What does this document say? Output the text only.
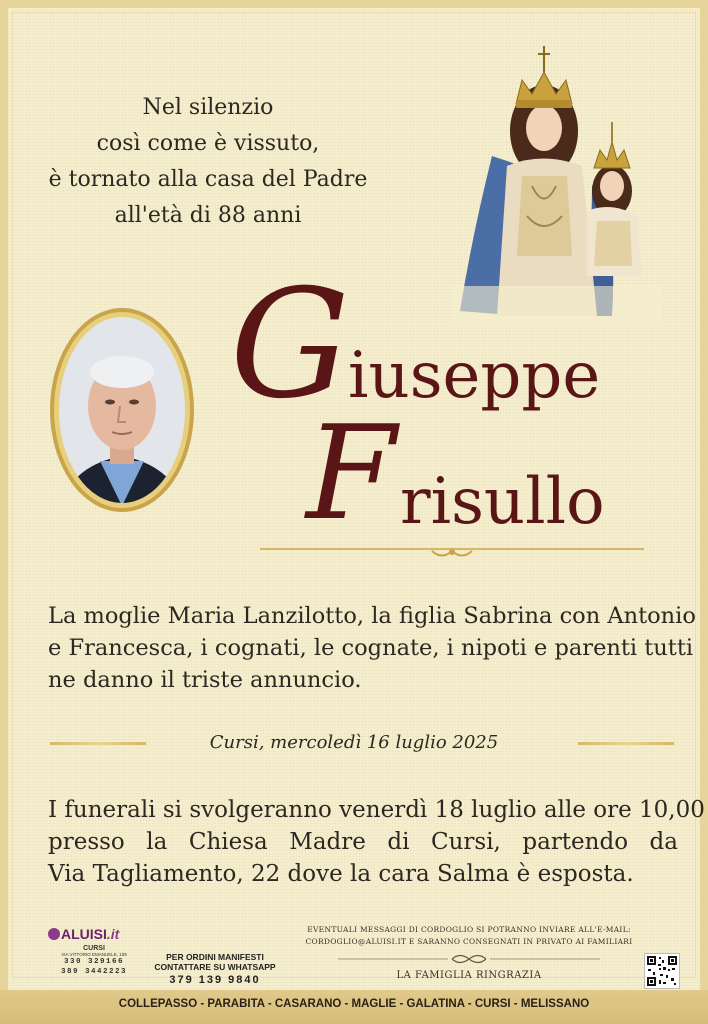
Nel silenzio
così come è vissuto,
è tornato alla casa del Padre
all'età di 88 anni
G
iuseppe
F risullo
La moglie Maria Lanzilotto, la figlia Sabrina con Antonio
e Francesca, i cognati, le cognate, i nipoti e parenti tutti
ne danno il triste annuncio.
Cursi, mercoledì 16 luglio 2025
I funerali si svolgeranno venerdì 18 luglio alle ore 10,00
presso la Chiesa Madre di Cursi, partendo da
Via Tagliamento, 22 dove la cara Salma è esposta.
ALUISI.it
CURSI
VIA VITTORIO EMANUELE, 109
330 329166
389 3442223
PER ORDINI MANIFESTI
CONTATTARE SU WHATSAPP
379 139 9840
EVENTUALI MESSAGGI DI CORDOGLIO SI POTRANNO INVIARE ALL'E-MAIL:
CORDOGLIO@ALUISI.IT E SARANNO CONSEGNATI IN PRIVATO AI FAMILIARI
LA FAMIGLIA RINGRAZIA
COLLEPASSO - PARABITA - CASARANO - MAGLIE - GALATINA - CURSI - MELISSANO
